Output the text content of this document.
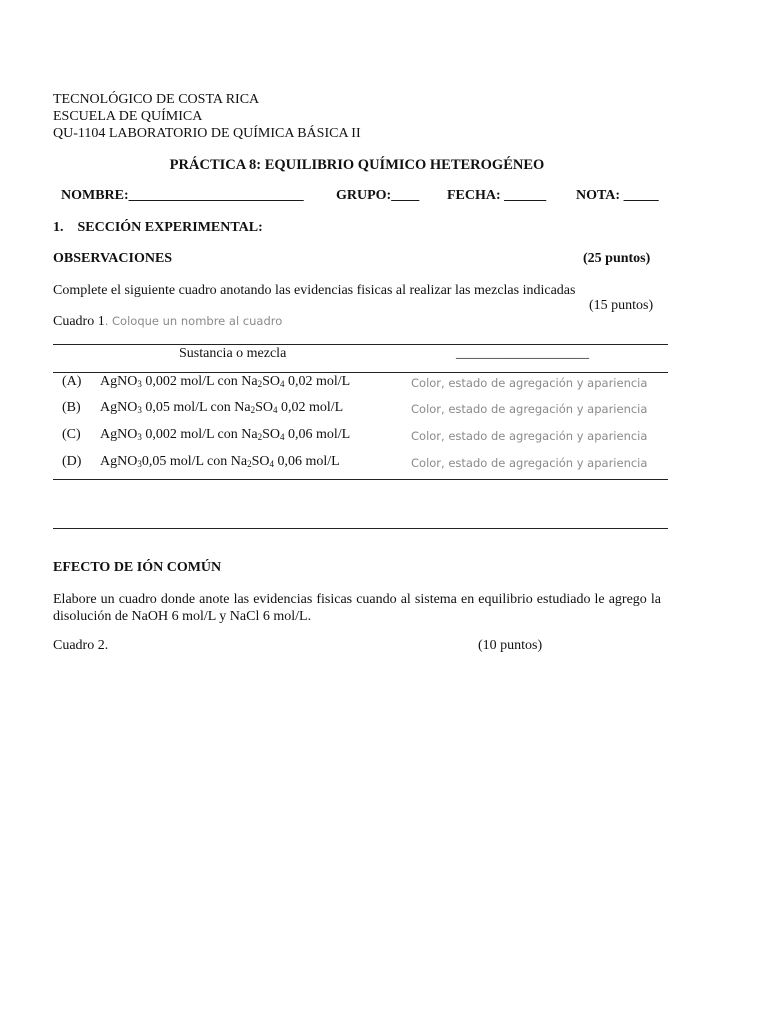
TECNOLÓGICO DE COSTA RICA
ESCUELA DE QUÍMICA
QU-1104 LABORATORIO DE QUÍMICA BÁSICA II
PRÁCTICA 8: EQUILIBRIO QUÍMICO HETEROGÉNEO
NOMBRE:_________________________ GRUPO:____ FECHA: ______ NOTA: _____
1.    SECCIÓN EXPERIMENTAL:
OBSERVACIONES	(25 puntos)
Complete el siguiente cuadro anotando las evidencias fisicas al realizar las mezclas indicadas
(15 puntos)
Cuadro 1. Coloque un nombre al cuadro
Sustancia o mezcla	___________________
(A) AgNO$_3$ 0,002 mol/L con $Na_2SO_4$ 0,02 mol/L	Color, estado de agregación y apariencia
(B) AgNO$_3$ 0,05 mol/L con $Na_2SO_4$ 0,02 mol/L	Color, estado de agregación y apariencia
(C) AgNO$_3$ 0,002 mol/L con $Na_2SO_4$ 0,06 mol/L	Color, estado de agregación y apariencia
(D) AgNO$_3$0,05 mol/L con $Na_2SO_4$ 0,06 mol/L	Color, estado de agregación y apariencia
EFECTO DE IÓN COMÚN
Elabore un cuadro donde anote las evidencias fisicas cuando al sistema en equilibrio estudiado le agrego la disolución de NaOH 6 mol/L y NaCl 6 mol/L.
Cuadro 2.	(10 puntos)
